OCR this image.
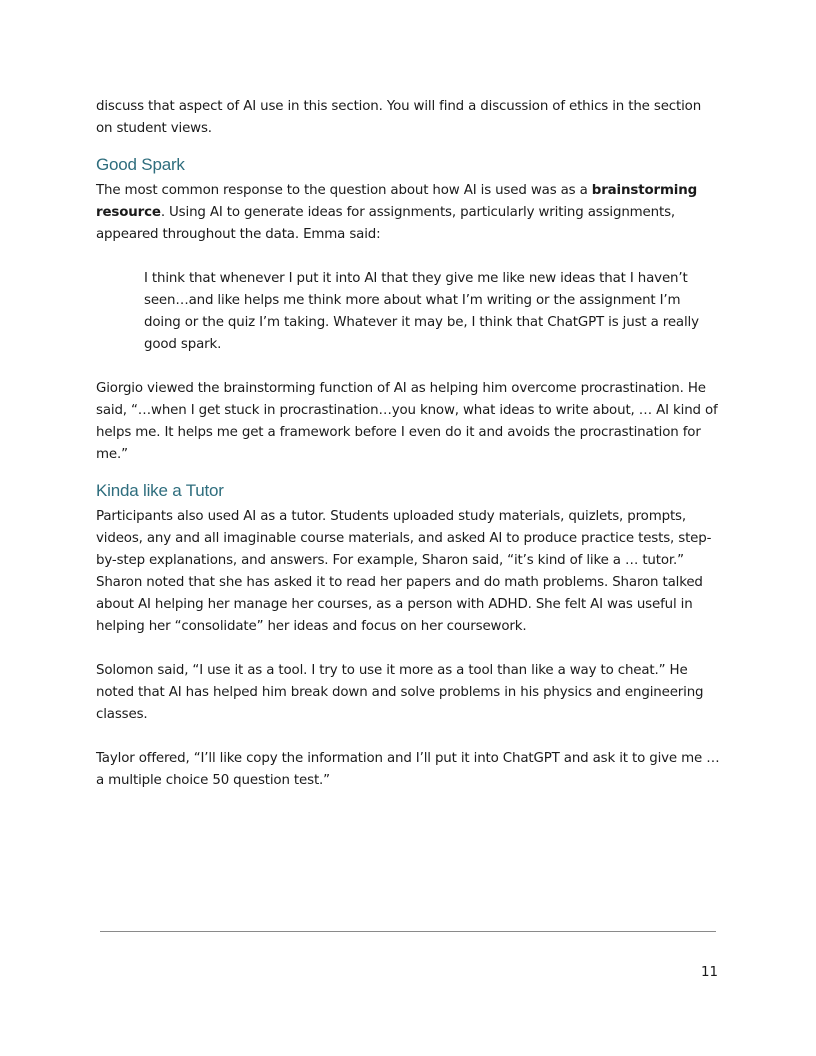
discuss that aspect of AI use in this section. You will find a discussion of ethics in the section on student views.

Good Spark

The most common response to the question about how AI is used was as a brainstorming resource. Using AI to generate ideas for assignments, particularly writing assignments, appeared throughout the data. Emma said:

I think that whenever I put it into AI that they give me like new ideas that I haven’t seen…and like helps me think more about what I’m writing or the assignment I’m doing or the quiz I’m taking. Whatever it may be, I think that ChatGPT is just a really good spark.

Giorgio viewed the brainstorming function of AI as helping him overcome procrastination. He said, “…when I get stuck in procrastination…you know, what ideas to write about, … AI kind of helps me. It helps me get a framework before I even do it and avoids the procrastination for me.”

Kinda like a Tutor

Participants also used AI as a tutor. Students uploaded study materials, quizlets, prompts, videos, any and all imaginable course materials, and asked AI to produce practice tests, step-by-step explanations, and answers. For example, Sharon said, “it’s kind of like a … tutor.” Sharon noted that she has asked it to read her papers and do math problems. Sharon talked about AI helping her manage her courses, as a person with ADHD. She felt AI was useful in helping her “consolidate” her ideas and focus on her coursework.

Solomon said, “I use it as a tool. I try to use it more as a tool than like a way to cheat.” He noted that AI has helped him break down and solve problems in his physics and engineering classes.

Taylor offered, “I’ll like copy the information and I’ll put it into ChatGPT and ask it to give me … a multiple choice 50 question test.”

11
